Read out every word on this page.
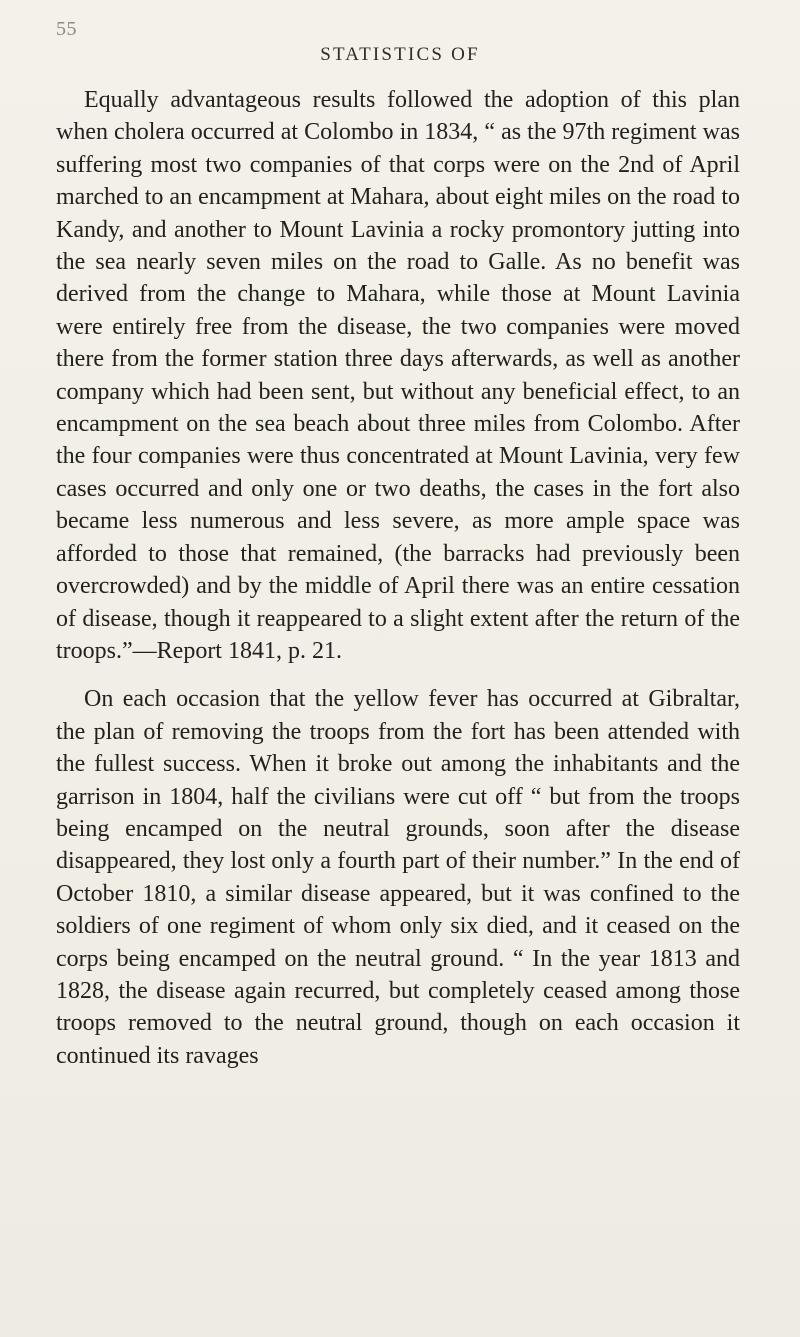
55
STATISTICS OF

Equally advantageous results followed the adoption of this plan when cholera occurred at Colombo in 1834, “ as the 97th regiment was suffering most two companies of that corps were on the 2nd of April marched to an encampment at Mahara, about eight miles on the road to Kandy, and another to Mount Lavinia a rocky promontory jutting into the sea nearly seven miles on the road to Galle. As no benefit was derived from the change to Mahara, while those at Mount Lavinia were entirely free from the disease, the two companies were moved there from the former station three days afterwards, as well as another company which had been sent, but without any beneficial effect, to an encampment on the sea beach about three miles from Colombo. After the four companies were thus concentrated at Mount Lavinia, very few cases occurred and only one or two deaths, the cases in the fort also became less numerous and less severe, as more ample space was afforded to those that remained, (the barracks had previously been overcrowded) and by the middle of April there was an entire cessation of disease, though it reappeared to a slight extent after the return of the troops.”—Report 1841, p. 21.

On each occasion that the yellow fever has occurred at Gibraltar, the plan of removing the troops from the fort has been attended with the fullest success. When it broke out among the inhabitants and the garrison in 1804, half the civilians were cut off “ but from the troops being encamped on the neutral grounds, soon after the disease disappeared, they lost only a fourth part of their number.” In the end of October 1810, a similar disease appeared, but it was confined to the soldiers of one regiment of whom only six died, and it ceased on the corps being encamped on the neutral ground. “ In the year 1813 and 1828, the disease again recurred, but completely ceased among those troops removed to the neutral ground, though on each occasion it continued its ravages
